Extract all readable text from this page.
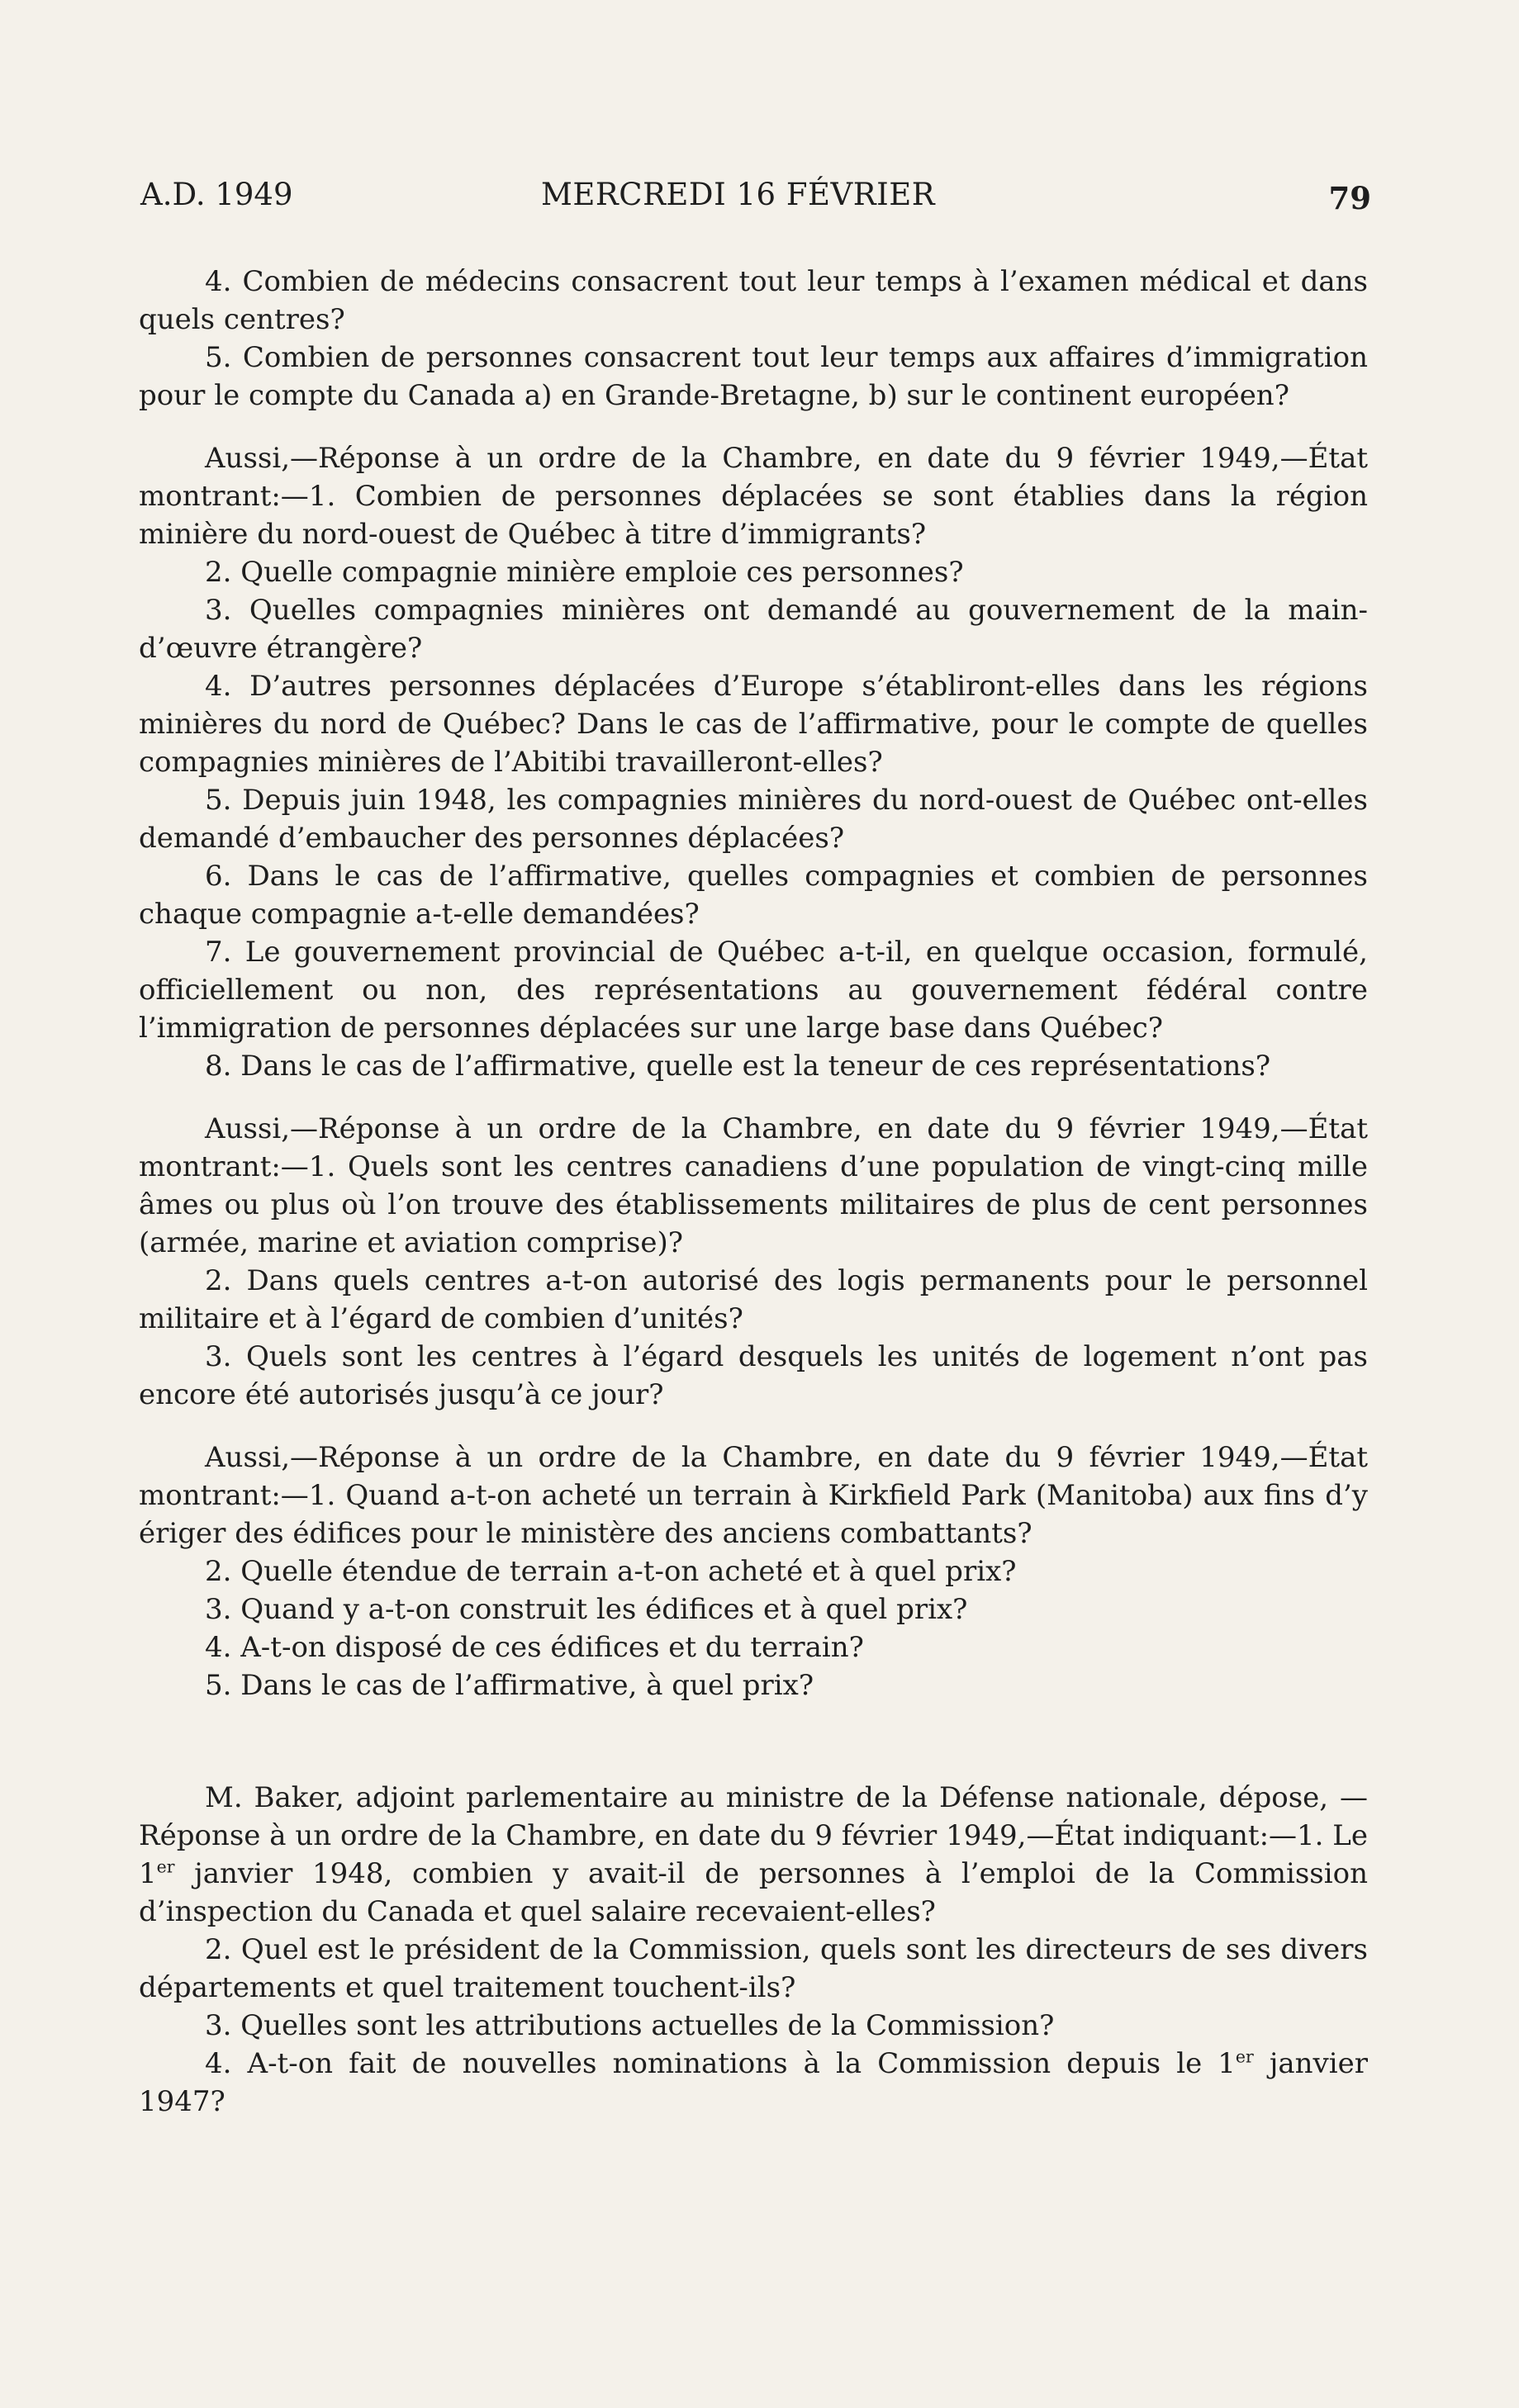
A.D. 1949	MERCREDI 16 FÉVRIER	79

4. Combien de médecins consacrent tout leur temps à l’examen médical et dans quels centres?

5. Combien de personnes consacrent tout leur temps aux affaires d’immigration pour le compte du Canada a) en Grande-Bretagne, b) sur le continent européen?

Aussi,—Réponse à un ordre de la Chambre, en date du 9 février 1949,—État montrant:—1. Combien de personnes déplacées se sont établies dans la région minière du nord-ouest de Québec à titre d’immigrants?

2. Quelle compagnie minière emploie ces personnes?

3. Quelles compagnies minières ont demandé au gouvernement de la main-d’œuvre étrangère?

4. D’autres personnes déplacées d’Europe s’établiront-elles dans les régions minières du nord de Québec? Dans le cas de l’affirmative, pour le compte de quelles compagnies minières de l’Abitibi travailleront-elles?

5. Depuis juin 1948, les compagnies minières du nord-ouest de Québec ont-elles demandé d’embaucher des personnes déplacées?

6. Dans le cas de l’affirmative, quelles compagnies et combien de personnes chaque compagnie a-t-elle demandées?

7. Le gouvernement provincial de Québec a-t-il, en quelque occasion, formulé, officiellement ou non, des représentations au gouvernement fédéral contre l’immigration de personnes déplacées sur une large base dans Québec?

8. Dans le cas de l’affirmative, quelle est la teneur de ces représentations?

Aussi,—Réponse à un ordre de la Chambre, en date du 9 février 1949,—État montrant:—1. Quels sont les centres canadiens d’une population de vingt-cinq mille âmes ou plus où l’on trouve des établissements militaires de plus de cent personnes (armée, marine et aviation comprise)?

2. Dans quels centres a-t-on autorisé des logis permanents pour le personnel militaire et à l’égard de combien d’unités?

3. Quels sont les centres à l’égard desquels les unités de logement n’ont pas encore été autorisés jusqu’à ce jour?

Aussi,—Réponse à un ordre de la Chambre, en date du 9 février 1949,—État montrant:—1. Quand a-t-on acheté un terrain à Kirkfield Park (Manitoba) aux fins d’y ériger des édifices pour le ministère des anciens combattants?

2. Quelle étendue de terrain a-t-on acheté et à quel prix?

3. Quand y a-t-on construit les édifices et à quel prix?

4. A-t-on disposé de ces édifices et du terrain?

5. Dans le cas de l’affirmative, à quel prix?

M. Baker, adjoint parlementaire au ministre de la Défense nationale, dépose, —Réponse à un ordre de la Chambre, en date du 9 février 1949,—État indiquant:—1. Le 1er janvier 1948, combien y avait-il de personnes à l’emploi de la Commission d’inspection du Canada et quel salaire recevaient-elles?

2. Quel est le président de la Commission, quels sont les directeurs de ses divers départements et quel traitement touchent-ils?

3. Quelles sont les attributions actuelles de la Commission?

4. A-t-on fait de nouvelles nominations à la Commission depuis le 1er janvier 1947?
